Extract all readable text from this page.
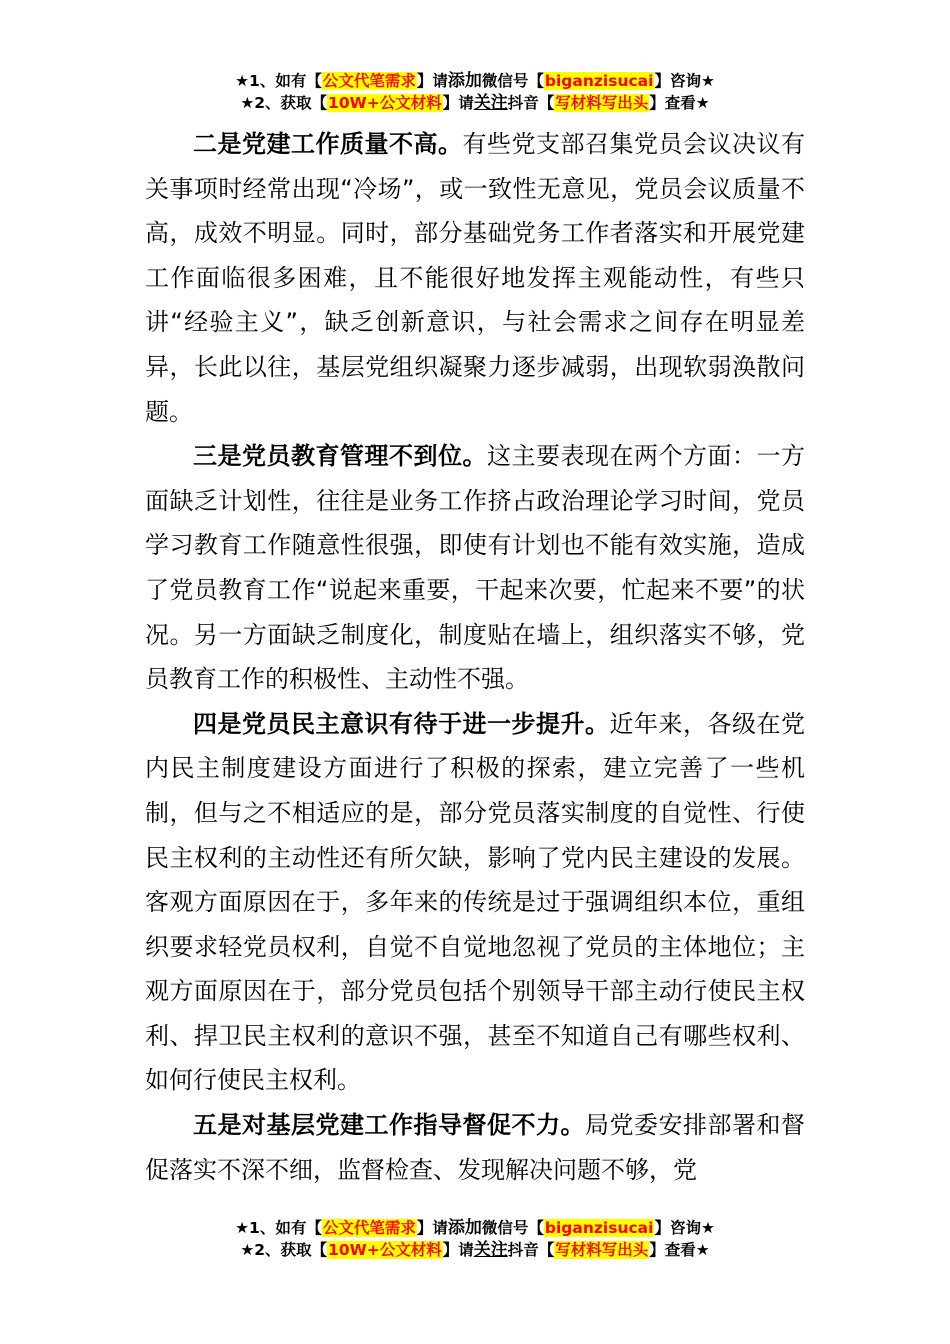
★1、如有【公文代笔需求】请添加微信号【biganzisucai】咨询★
★2、获取【10W+公文材料】请关注抖音【写材料写出头】查看★

二是党建工作质量不高。有些党支部召集党员会议决议有关事项时经常出现“冷场”，或一致性无意见，党员会议质量不高，成效不明显。同时，部分基础党务工作者落实和开展党建工作面临很多困难，且不能很好地发挥主观能动性，有些只讲“经验主义”，缺乏创新意识，与社会需求之间存在明显差异，长此以往，基层党组织凝聚力逐步减弱，出现软弱涣散问题。

三是党员教育管理不到位。这主要表现在两个方面：一方面缺乏计划性，往往是业务工作挤占政治理论学习时间，党员学习教育工作随意性很强，即使有计划也不能有效实施，造成了党员教育工作“说起来重要，干起来次要，忙起来不要”的状况。另一方面缺乏制度化，制度贴在墙上，组织落实不够，党员教育工作的积极性、主动性不强。

四是党员民主意识有待于进一步提升。近年来，各级在党内民主制度建设方面进行了积极的探索，建立完善了一些机制，但与之不相适应的是，部分党员落实制度的自觉性、行使民主权利的主动性还有所欠缺，影响了党内民主建设的发展。客观方面原因在于，多年来的传统是过于强调组织本位，重组织要求轻党员权利，自觉不自觉地忽视了党员的主体地位；主观方面原因在于，部分党员包括个别领导干部主动行使民主权利、捍卫民主权利的意识不强，甚至不知道自己有哪些权利、如何行使民主权利。

五是对基层党建工作指导督促不力。局党委安排部署和督促落实不深不细，监督检查、发现解决问题不够，党

★1、如有【公文代笔需求】请添加微信号【biganzisucai】咨询★
★2、获取【10W+公文材料】请关注抖音【写材料写出头】查看★
